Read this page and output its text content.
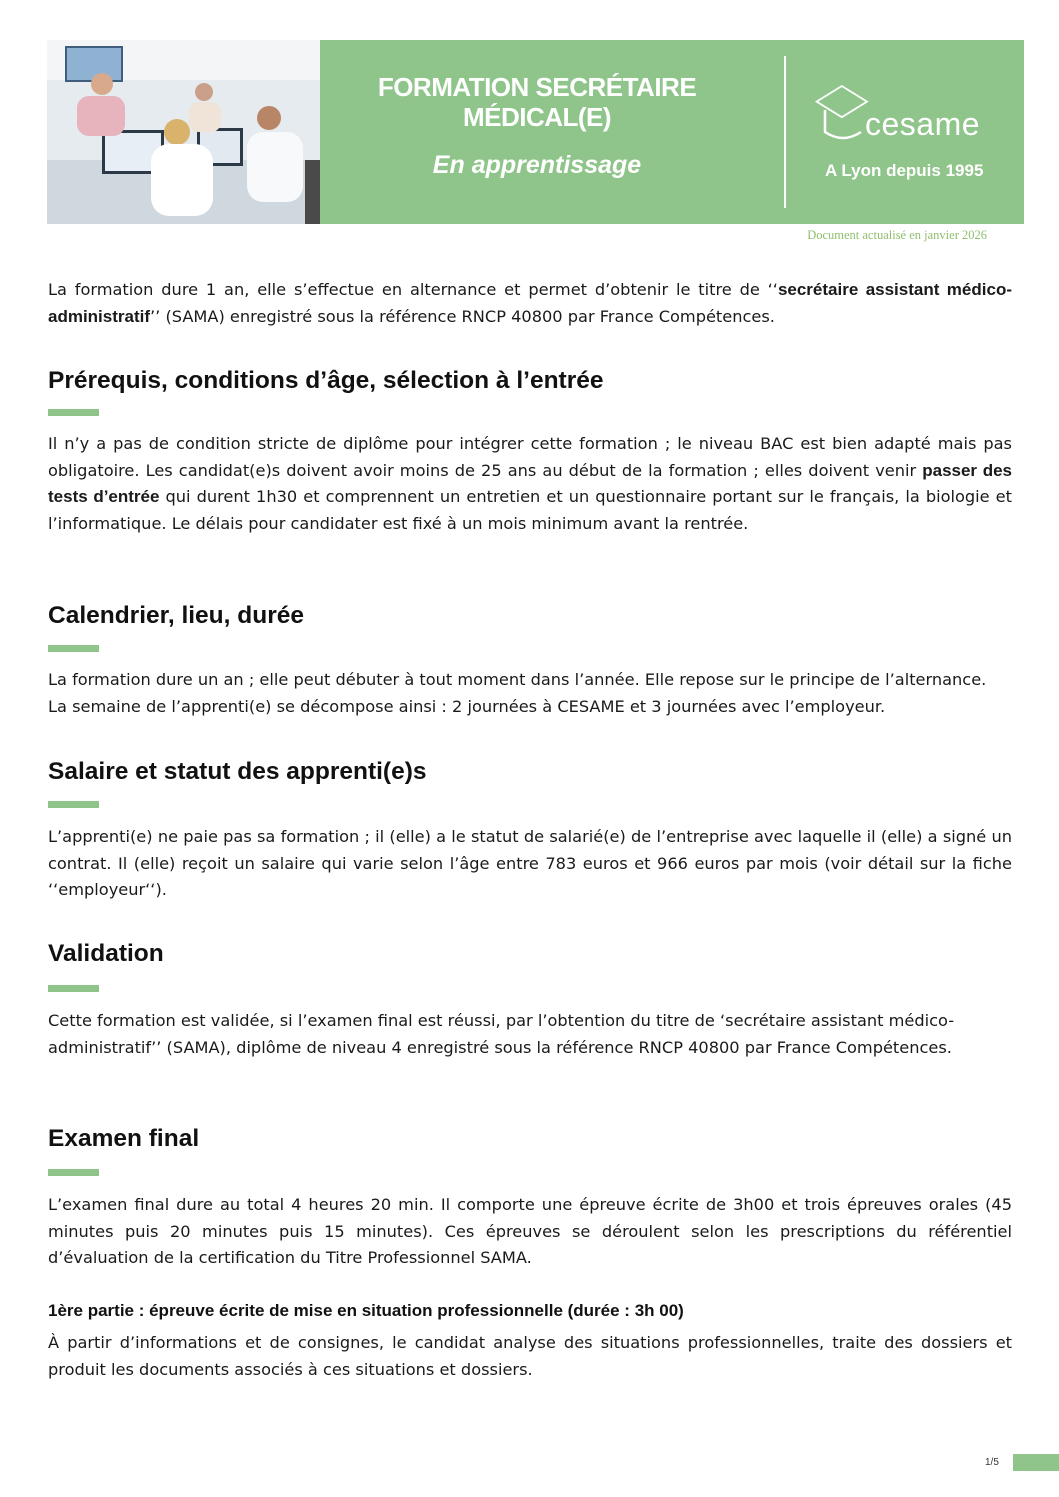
FORMATION SECRÉTAIRE
MÉDICAL(E)
En apprentissage
cesame
A Lyon depuis 1995
Document actualisé en janvier 2026

La formation dure 1 an, elle s’effectue en alternance et permet d’obtenir le titre de ‘‘secrétaire assistant médico-administratif’’ (SAMA) enregistré sous la référence RNCP 40800 par France Compétences.

Prérequis, conditions d’âge, sélection à l’entrée

Il n’y a pas de condition stricte de diplôme pour intégrer cette formation ; le niveau BAC est bien adapté mais pas obligatoire. Les candidat(e)s doivent avoir moins de 25 ans au début de la formation ; elles doivent venir passer des tests d’entrée qui durent 1h30 et comprennent un entretien et un questionnaire portant sur le français, la biologie et l’informatique. Le délais pour candidater est fixé à un mois minimum avant la rentrée.

Calendrier, lieu, durée

La formation dure un an ; elle peut débuter à tout moment dans l’année. Elle repose sur le principe de l’alternance.
La semaine de l’apprenti(e) se décompose ainsi : 2 journées à CESAME et 3 journées avec l’employeur.

Salaire et statut des apprenti(e)s

L’apprenti(e) ne paie pas sa formation ; il (elle) a le statut de salarié(e) de l’entreprise avec laquelle il (elle) a signé un contrat. Il (elle) reçoit un salaire qui varie selon l’âge entre 783 euros et 966 euros par mois (voir détail sur la fiche ‘‘employeur‘‘).

Validation

Cette formation est validée, si l’examen final est réussi, par l’obtention du titre de ‘secrétaire assistant médico-administratif’’ (SAMA), diplôme de niveau 4 enregistré sous la référence RNCP 40800 par France Compétences.

Examen final

L’examen final dure au total 4 heures 20 min. Il comporte une épreuve écrite de 3h00 et trois épreuves orales (45 minutes puis 20 minutes puis 15 minutes). Ces épreuves se déroulent selon les prescriptions du référentiel d’évaluation de la certification du Titre Professionnel SAMA.

1ère partie : épreuve écrite de mise en situation professionnelle (durée : 3h 00)

À partir d’informations et de consignes, le candidat analyse des situations professionnelles, traite des dossiers et produit les documents associés à ces situations et dossiers.

1/5
